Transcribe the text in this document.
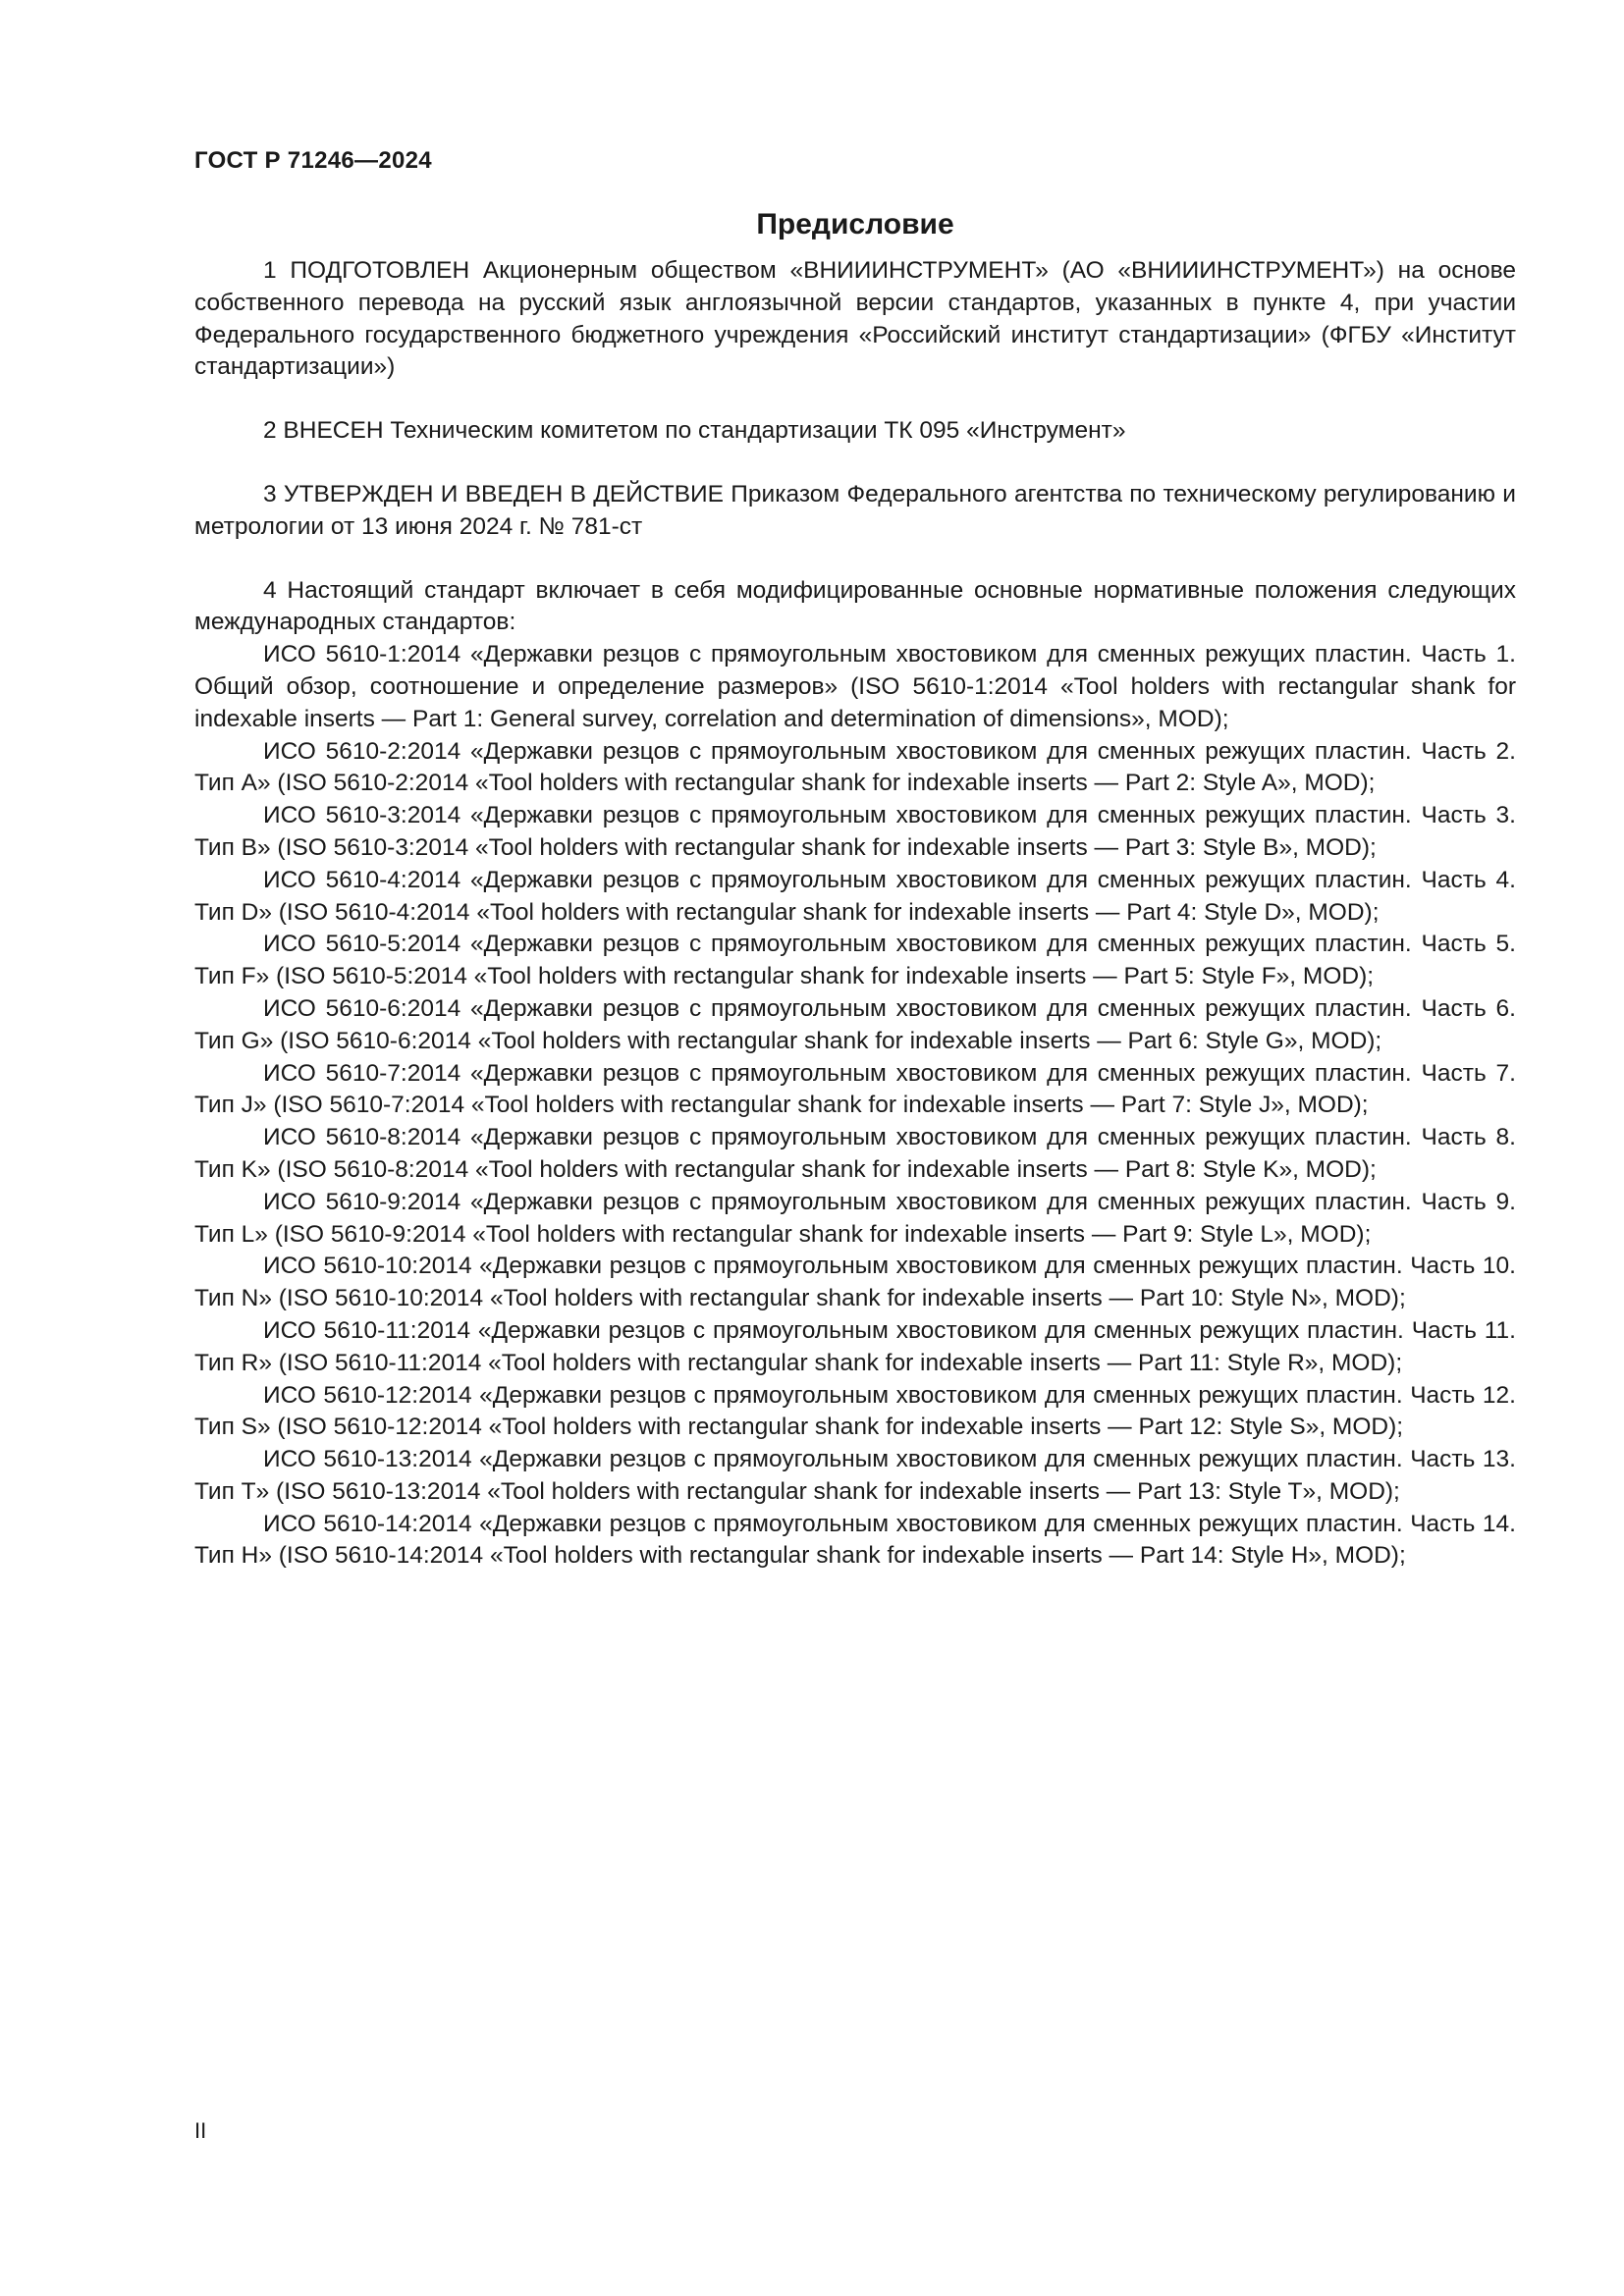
ГОСТ Р 71246—2024
Предисловие

1 ПОДГОТОВЛЕН Акционерным обществом «ВНИИИНСТРУМЕНТ» (АО «ВНИИИНСТРУМЕНТ») на основе собственного перевода на русский язык англоязычной версии стандартов, указанных в пункте 4, при участии Федерального государственного бюджетного учреждения «Российский институт стандартизации» (ФГБУ «Институт стандартизации»)

2 ВНЕСЕН Техническим комитетом по стандартизации ТК 095 «Инструмент»

3 УТВЕРЖДЕН И ВВЕДЕН В ДЕЙСТВИЕ Приказом Федерального агентства по техническому регулированию и метрологии от 13 июня 2024 г. № 781-ст

4 Настоящий стандарт включает в себя модифицированные основные нормативные положения следующих международных стандартов:

ИСО 5610-1:2014 «Державки резцов с прямоугольным хвостовиком для сменных режущих пластин. Часть 1. Общий обзор, соотношение и определение размеров» (ISO 5610-1:2014 «Tool holders with rectangular shank for indexable inserts — Part 1: General survey, correlation and determination of dimensions», MOD);

ИСО 5610-2:2014 «Державки резцов с прямоугольным хвостовиком для сменных режущих пластин. Часть 2. Тип А» (ISO 5610-2:2014 «Tool holders with rectangular shank for indexable inserts — Part 2: Style A», MOD);

ИСО 5610-3:2014 «Державки резцов с прямоугольным хвостовиком для сменных режущих пластин. Часть 3. Тип В» (ISO 5610-3:2014 «Tool holders with rectangular shank for indexable inserts — Part 3: Style B», MOD);

ИСО 5610-4:2014 «Державки резцов с прямоугольным хвостовиком для сменных режущих пластин. Часть 4. Тип D» (ISO 5610-4:2014 «Tool holders with rectangular shank for indexable inserts — Part 4: Style D», MOD);

ИСО 5610-5:2014 «Державки резцов с прямоугольным хвостовиком для сменных режущих пластин. Часть 5. Тип F» (ISO 5610-5:2014 «Tool holders with rectangular shank for indexable inserts — Part 5: Style F», MOD);

ИСО 5610-6:2014 «Державки резцов с прямоугольным хвостовиком для сменных режущих пластин. Часть 6. Тип G» (ISO 5610-6:2014 «Tool holders with rectangular shank for indexable inserts — Part 6: Style G», MOD);

ИСО 5610-7:2014 «Державки резцов с прямоугольным хвостовиком для сменных режущих пластин. Часть 7. Тип J» (ISO 5610-7:2014 «Tool holders with rectangular shank for indexable inserts — Part 7: Style J», MOD);

ИСО 5610-8:2014 «Державки резцов с прямоугольным хвостовиком для сменных режущих пластин. Часть 8. Тип K» (ISO 5610-8:2014 «Tool holders with rectangular shank for indexable inserts — Part 8: Style K», MOD);

ИСО 5610-9:2014 «Державки резцов с прямоугольным хвостовиком для сменных режущих пластин. Часть 9. Тип L» (ISO 5610-9:2014 «Tool holders with rectangular shank for indexable inserts — Part 9: Style L», MOD);

ИСО 5610-10:2014 «Державки резцов с прямоугольным хвостовиком для сменных режущих пластин. Часть 10. Тип N» (ISO 5610-10:2014 «Tool holders with rectangular shank for indexable inserts — Part 10: Style N», MOD);

ИСО 5610-11:2014 «Державки резцов с прямоугольным хвостовиком для сменных режущих пластин. Часть 11. Тип R» (ISO 5610-11:2014 «Tool holders with rectangular shank for indexable inserts — Part 11: Style R», MOD);

ИСО 5610-12:2014 «Державки резцов с прямоугольным хвостовиком для сменных режущих пластин. Часть 12. Тип S» (ISO 5610-12:2014 «Tool holders with rectangular shank for indexable inserts — Part 12: Style S», MOD);

ИСО 5610-13:2014 «Державки резцов с прямоугольным хвостовиком для сменных режущих пластин. Часть 13. Тип T» (ISO 5610-13:2014 «Tool holders with rectangular shank for indexable inserts — Part 13: Style T», MOD);

ИСО 5610-14:2014 «Державки резцов с прямоугольным хвостовиком для сменных режущих пластин. Часть 14. Тип H» (ISO 5610-14:2014 «Tool holders with rectangular shank for indexable inserts — Part 14: Style H», MOD);

II
